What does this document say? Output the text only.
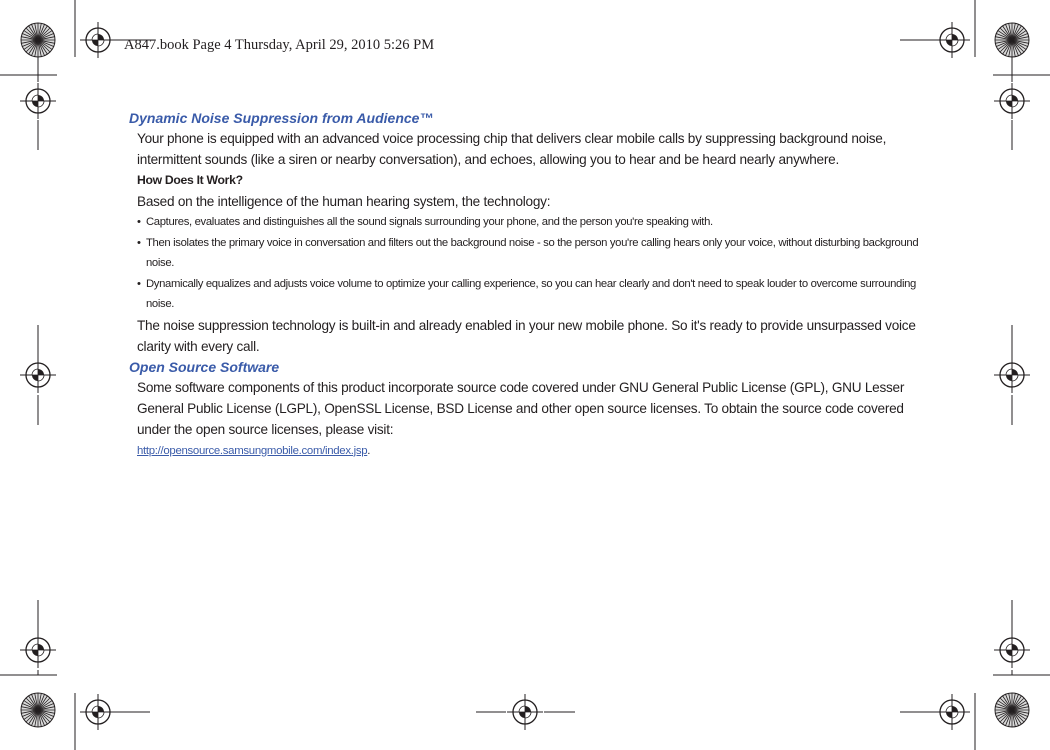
A847.book Page 4 Thursday, April 29, 2010 5:26 PM
Dynamic Noise Suppression from Audience™

Your phone is equipped with an advanced voice processing chip that delivers clear mobile calls by suppressing background noise, intermittent sounds (like a siren or nearby conversation), and echoes, allowing you to hear and be heard nearly anywhere.

How Does It Work?

Based on the intelligence of the human hearing system, the technology:

• Captures, evaluates and distinguishes all the sound signals surrounding your phone, and the person you're speaking with.
• Then isolates the primary voice in conversation and filters out the background noise - so the person you're calling hears only your voice, without disturbing background noise.
• Dynamically equalizes and adjusts voice volume to optimize your calling experience, so you can hear clearly and don't need to speak louder to overcome surrounding noise.

The noise suppression technology is built-in and already enabled in your new mobile phone. So it's ready to provide unsurpassed voice clarity with every call.

Open Source Software

Some software components of this product incorporate source code covered under GNU General Public License (GPL), GNU Lesser General Public License (LGPL), OpenSSL License, BSD License and other open source licenses. To obtain the source code covered under the open source licenses, please visit:

http://opensource.samsungmobile.com/index.jsp.
